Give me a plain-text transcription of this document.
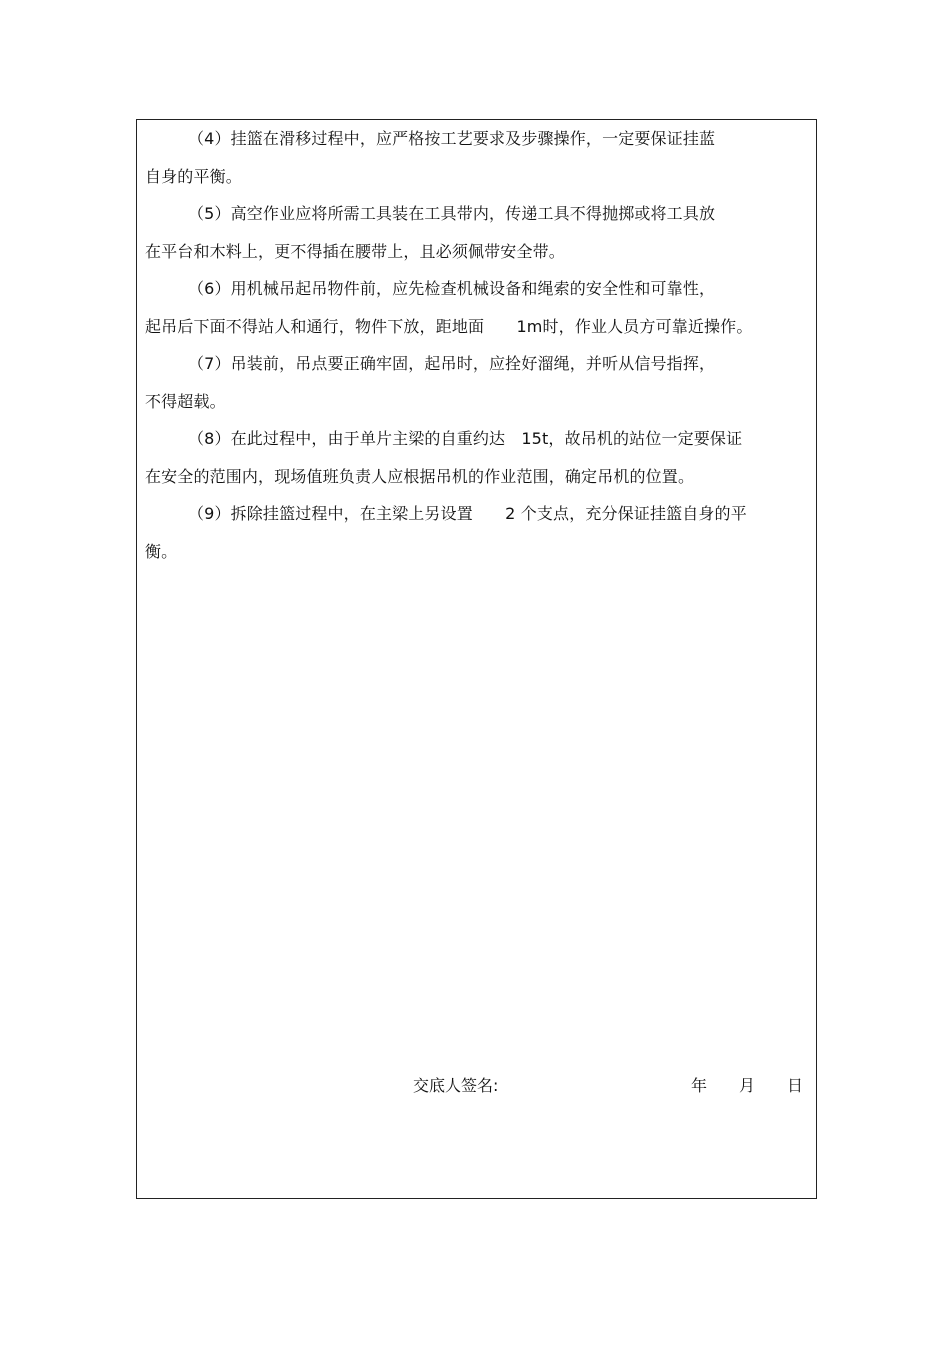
（4）挂篮在滑移过程中，应严格按工艺要求及步骤操作，一定要保证挂蓝
自身的平衡。
（5）高空作业应将所需工具装在工具带内，传递工具不得抛掷或将工具放
在平台和木料上，更不得插在腰带上，且必须佩带安全带。
（6）用机械吊起吊物件前，应先检查机械设备和绳索的安全性和可靠性，
起吊后下面不得站人和通行，物件下放，距地面　　1m时，作业人员方可靠近操作。
（7）吊装前，吊点要正确牢固，起吊时，应拴好溜绳，并听从信号指挥，
不得超载。
（8）在此过程中，由于单片主梁的自重约达　15t，故吊机的站位一定要保证
在安全的范围内，现场值班负责人应根据吊机的作业范围，确定吊机的位置。
（9）拆除挂篮过程中，在主梁上另设置　　2 个支点，充分保证挂篮自身的平
衡。
交底人签名:	年 月 日
